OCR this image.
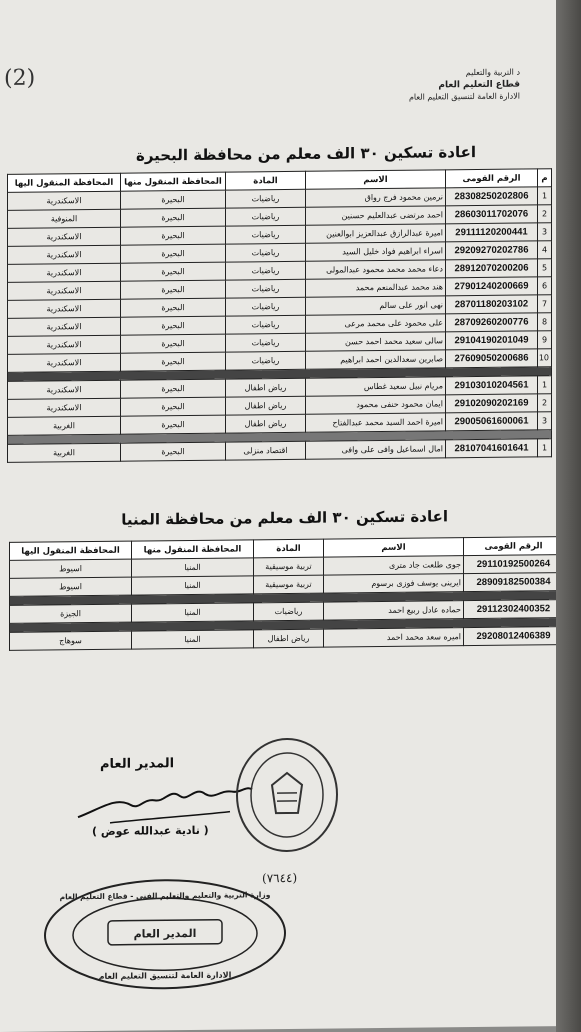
(2)	د التربية والتعليم
قطاع التعليم العام
الادارة العامة لتنسيق التعليم العام
اعادة تسكين ٣٠ الف معلم من محافظة البحيرة
م	الرقم القومى	الاسم	المادة	المحافظة المنقول منها	المحافظة المنقول اليها
1	28308250202806	نرمين محمود فرج رواق	رياضيات	البحيرة	الاسكندرية
2	28603011702076	احمد مرتضى عبدالعليم حسنين	رياضيات	البحيرة	المنوفية
3	29111120200441	اميرة عبدالرازق عبدالعزيز ابوالعنين	رياضيات	البحيرة	الاسكندرية
4	29209270202786	اسراء ابراهيم فواد خليل السيد	رياضيات	البحيرة	الاسكندرية
5	28912070200206	دعاء محمد محمد محمود عبدالمولى	رياضيات	البحيرة	الاسكندرية
6	27901240200669	هند محمد عبدالمنعم محمد	رياضيات	البحيرة	الاسكندرية
7	28701180203102	نهى انور على سالم	رياضيات	البحيرة	الاسكندرية
8	28709260200776	على محمود على محمد مرعى	رياضيات	البحيرة	الاسكندرية
9	29104190201049	سالى سعيد محمد احمد حسن	رياضيات	البحيرة	الاسكندرية
10	27609050200686	صابرين سعدالدين احمد ابراهيم	رياضيات	البحيرة	الاسكندرية

1	29103010204561	مريام نبيل سعيد غطاس	رياض اطفال	البحيرة	الاسكندرية
2	29102090202169	ايمان محمود حنفى محمود	رياض اطفال	البحيرة	الاسكندرية
3	29005061600061	اميرة احمد السيد محمد عبدالفتاح	رياض اطفال	البحيرة	الغربية

1	28107041601641	امال اسماعيل وافى على وافى	اقتصاد منزلى	البحيرة	الغربية
اعادة تسكين ٣٠ الف معلم من محافظة المنيا
	الرقم القومى	الاسم	المادة	المحافظة المنقول منها	المحافظة المنقول اليها
	29110192500264	جوى طلعت جاد مترى	تربية موسيقية	المنيا	اسيوط
	28909182500384	ايرينى يوسف فوزى برسوم	تربية موسيقية	المنيا	اسيوط

	29112302400352	حماده عادل ربيع احمد	رياضيات	المنيا	الجيزة

	29208012406389	اميره سعد محمد احمد	رياض اطفال	المنيا	سوهاج
المدير العام
( نادية عبدالله عوض )
(٧٦٤٤)
وزارة التربية والتعليم والتعليم الفنى - قطاع التعليم العام
المدير العام
الادارة العامة لتنسيق التعليم العام
